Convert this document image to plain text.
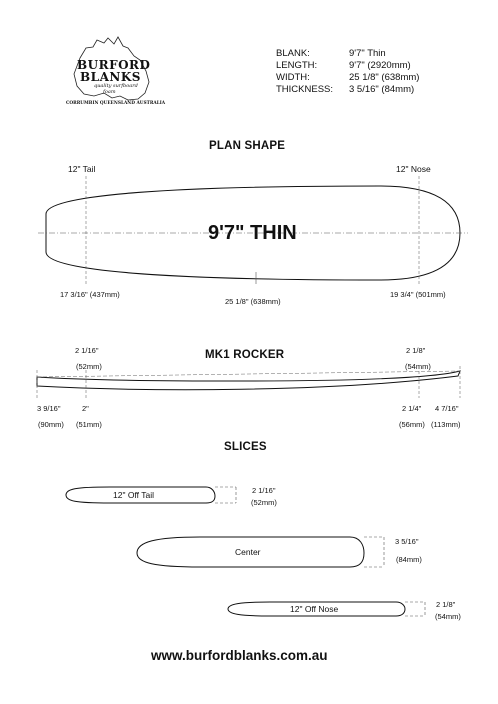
BURFORD
BLANKS
quality surfboard
foam
CORRUMBIN QUEENSLAND AUSTRALIA
BLANK:	9'7" Thin
LENGTH:	9'7" (2920mm)
WIDTH:	25 1/8" (638mm)
THICKNESS: 3 5/16" (84mm)
PLAN SHAPE
12" Tail	12" Nose
9'7" THIN
17 3/16" (437mm)
25 1/8" (638mm)
19 3/4" (501mm)
2 1/16"
(52mm)
MK1 ROCKER	2 1/8"
(54mm)
3 9/16"
(90mm)
2"
(51mm)
2 1/4"
(56mm)
4 7/16"
(113mm)
SLICES
12" Off Tail	2 1/16"
(52mm)
Center
3 5/16"
(84mm)
12" Off Nose	2 1/8"
(54mm)
www.burfordblanks.com.au
